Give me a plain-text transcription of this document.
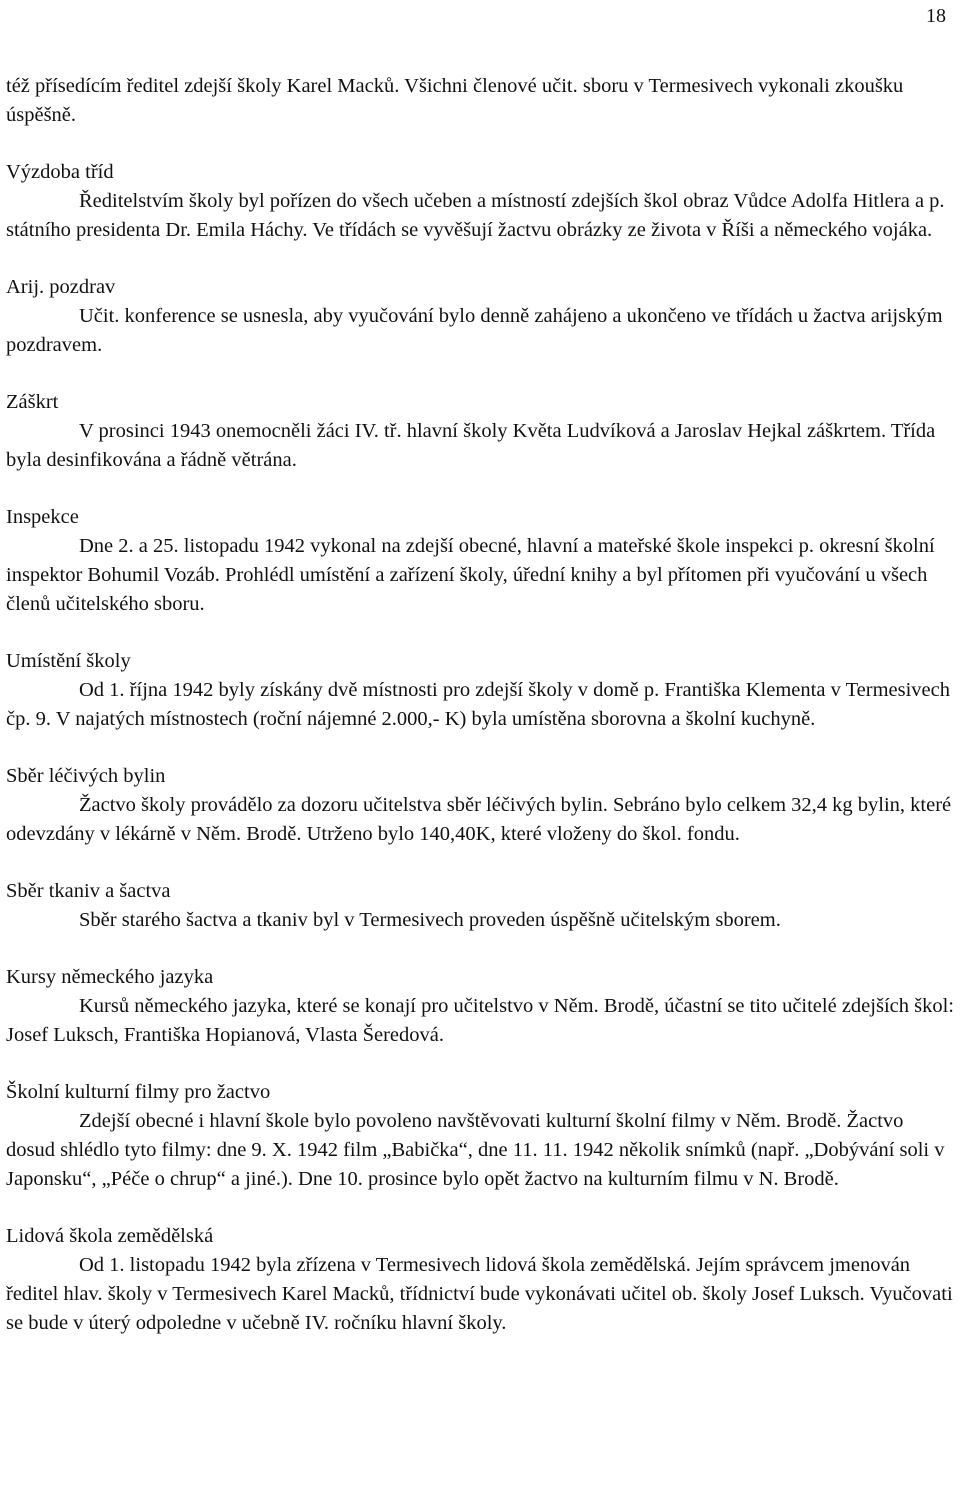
18

též přísedícím ředitel zdejší školy Karel Macků. Všichni členové učit. sboru v Termesivech vykonali zkoušku úspěšně.

Výzdoba tříd

Ředitelstvím školy byl pořízen do všech učeben a místností zdejších škol obraz Vůdce Adolfa Hitlera a p. státního presidenta Dr. Emila Háchy. Ve třídách se vyvěšují žactvu obrázky ze života v Říši a německého vojáka.

Arij. pozdrav

Učit. konference se usnesla, aby vyučování bylo denně zahájeno a ukončeno ve třídách u žactva arijským pozdravem.

Záškrt

V prosinci 1943 onemocněli žáci IV. tř. hlavní školy Květa Ludvíková a Jaroslav Hejkal záškrtem. Třída byla desinfikována a řádně větrána.

Inspekce

Dne 2. a 25. listopadu 1942 vykonal na zdejší obecné, hlavní a mateřské škole inspekci p. okresní školní inspektor Bohumil Vozáb. Prohlédl umístění a zařízení školy, úřední knihy a byl přítomen při vyučování u všech členů učitelského sboru.

Umístění školy

Od 1. října 1942 byly získány dvě místnosti pro zdejší školy v domě p. Františka Klementa v Termesivech čp. 9. V najatých místnostech (roční nájemné 2.000,- K) byla umístěna sborovna a školní kuchyně.

Sběr léčivých bylin

Žactvo školy provádělo za dozoru učitelstva sběr léčivých bylin. Sebráno bylo celkem 32,4 kg bylin, které odevzdány v lékárně v Něm. Brodě. Utrženo bylo 140,40K, které vloženy do škol. fondu.

Sběr tkaniv a šactva

Sběr starého šactva a tkaniv byl v Termesivech proveden úspěšně učitelským sborem.

Kursy německého jazyka

Kursů německého jazyka, které se konají pro učitelstvo v Něm. Brodě, účastní se tito učitelé zdejších škol: Josef Luksch, Františka Hopianová, Vlasta Šeredová.

Školní kulturní filmy pro žactvo

Zdejší obecné i hlavní škole bylo povoleno navštěvovati kulturní školní filmy v Něm. Brodě. Žactvo dosud shlédlo tyto filmy: dne 9. X. 1942 film „Babička“, dne 11. 11. 1942 několik snímků (např. „Dobývání soli v Japonsku“, „Péče o chrup“ a jiné.). Dne 10. prosince bylo opět žactvo na kulturním filmu v N. Brodě.

Lidová škola zemědělská

Od 1. listopadu 1942 byla zřízena v Termesivech lidová škola zemědělská. Jejím správcem jmenován ředitel hlav. školy v Termesivech Karel Macků, třídnictví bude vykonávati učitel ob. školy Josef Luksch. Vyučovati se bude v úterý odpoledne v učebně IV. ročníku hlavní školy.
